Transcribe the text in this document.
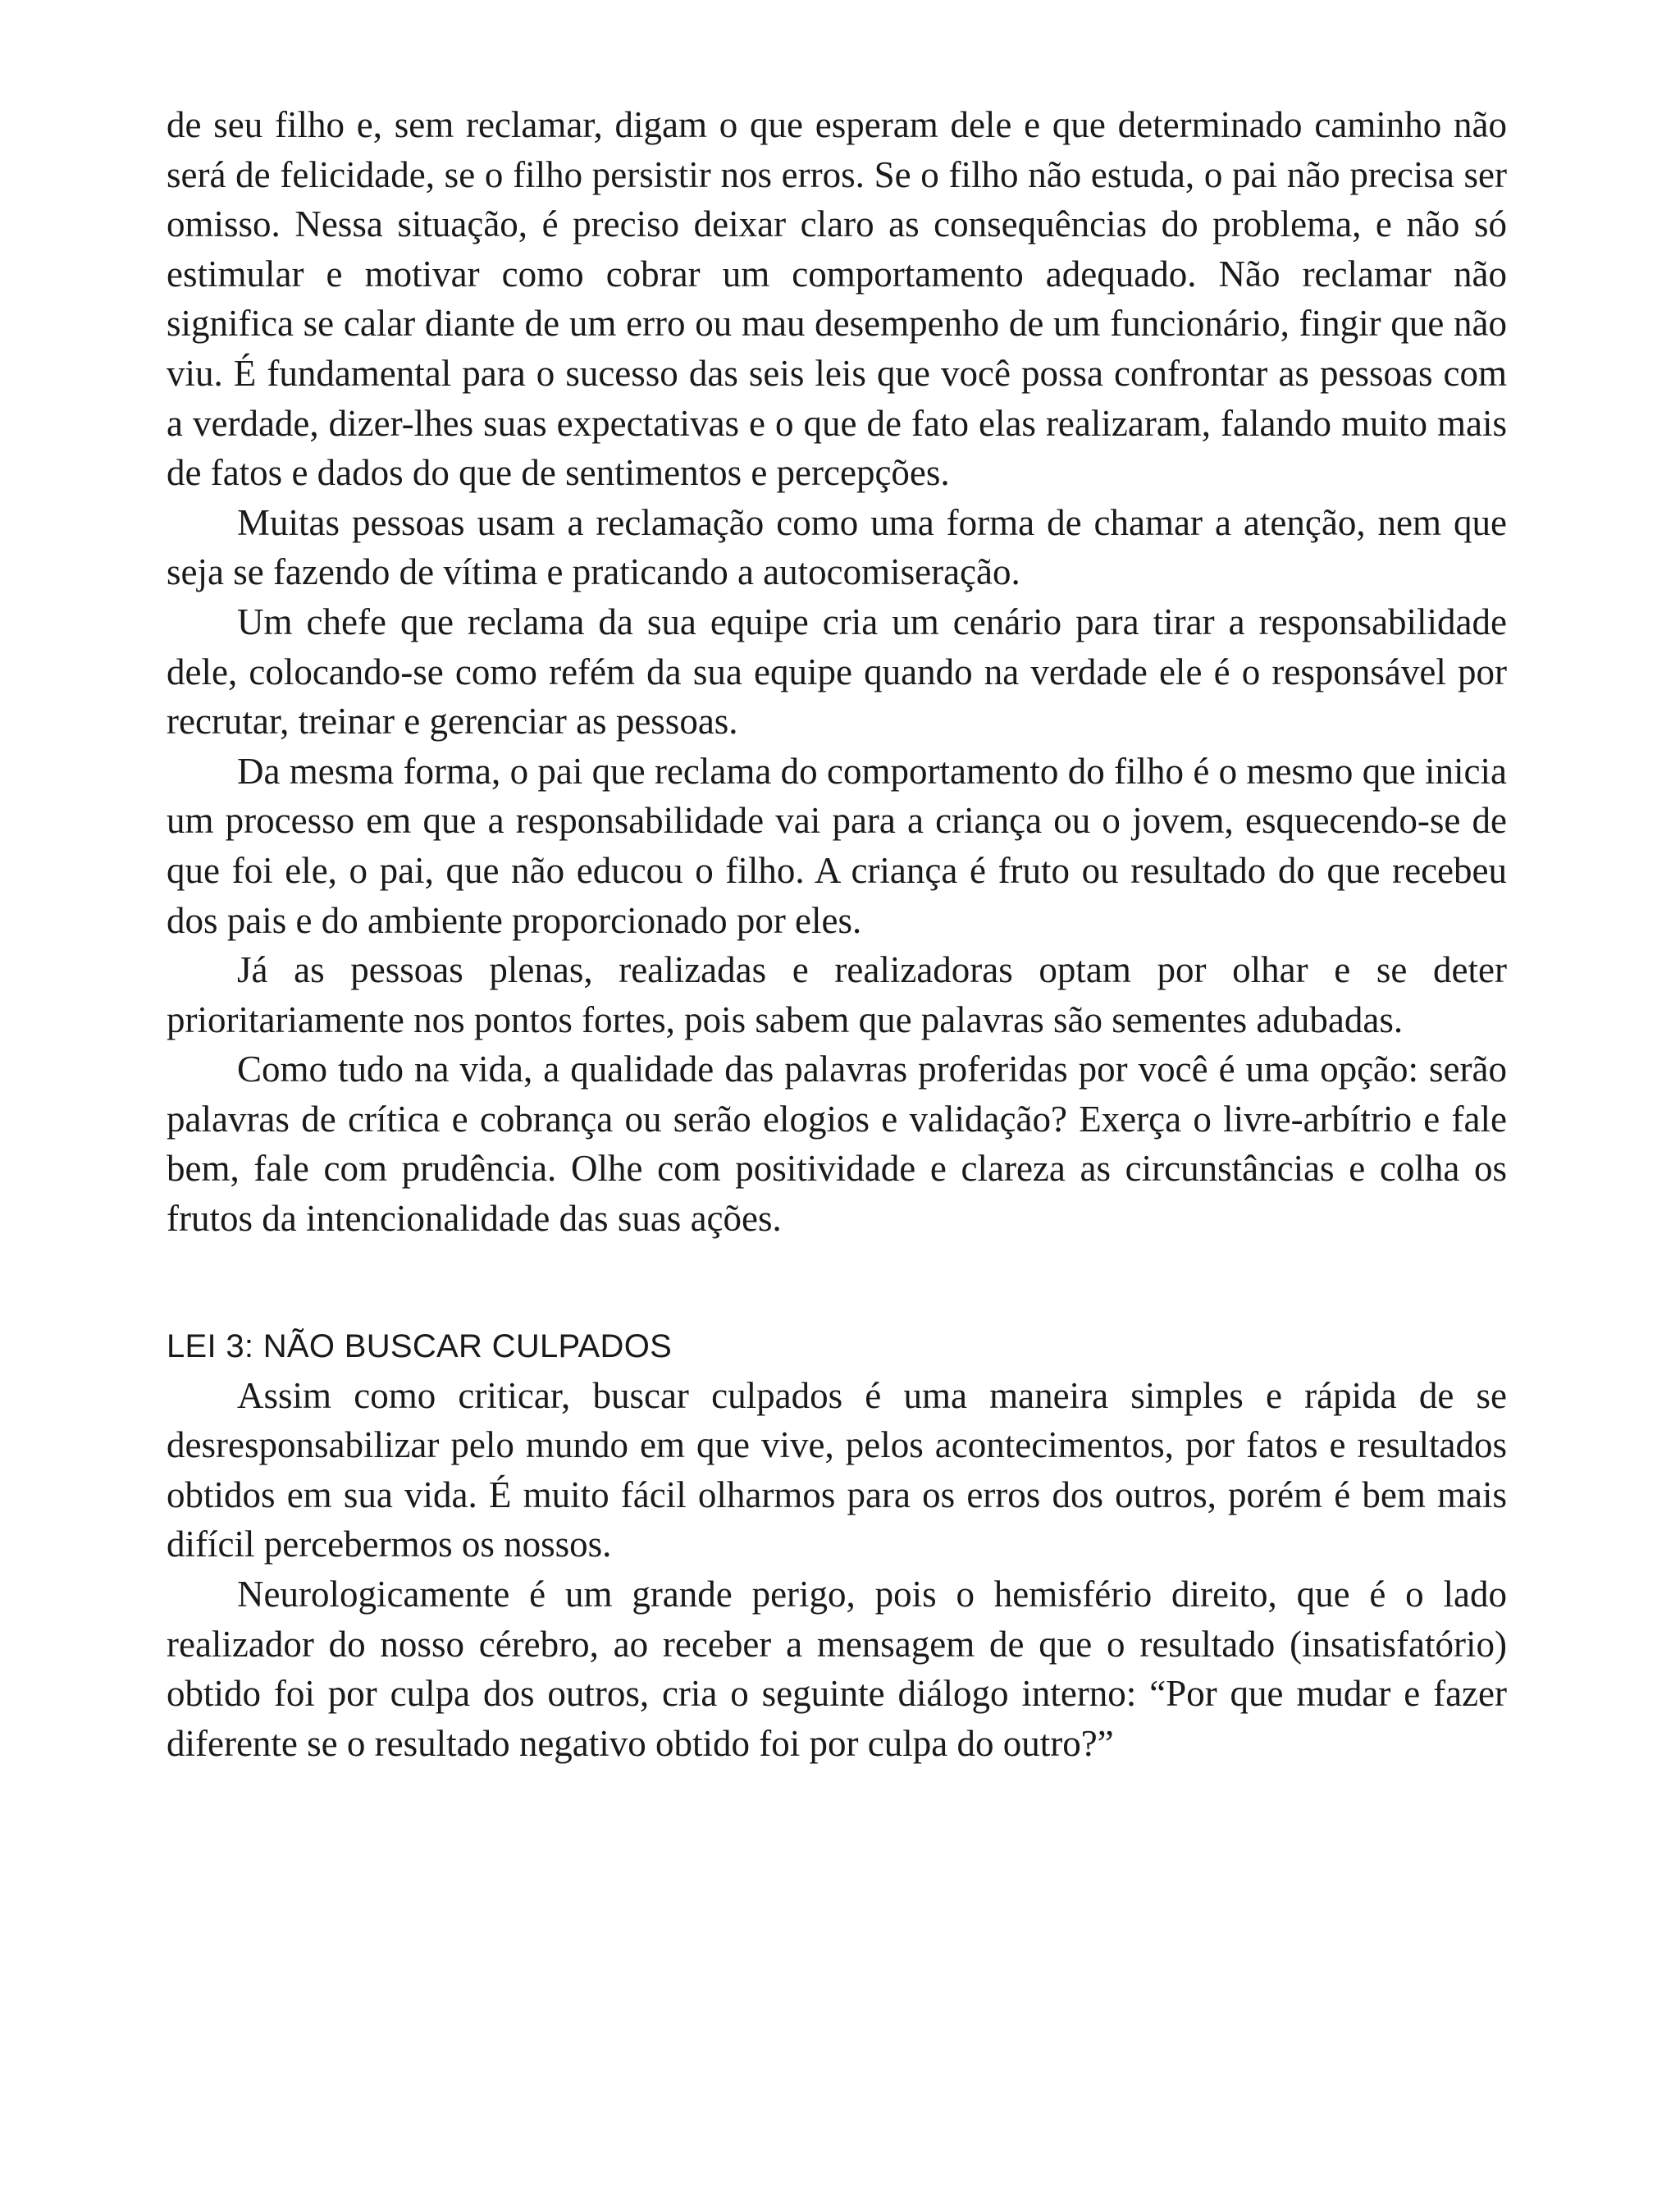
de seu filho e, sem reclamar, digam o que esperam dele e que determinado caminho não será de felicidade, se o filho persistir nos erros. Se o filho não estuda, o pai não precisa ser omisso. Nessa situação, é preciso deixar claro as consequências do problema, e não só estimular e motivar como cobrar um comportamento adequado. Não reclamar não significa se calar diante de um erro ou mau desempenho de um funcionário, fingir que não viu. É fundamental para o sucesso das seis leis que você possa confrontar as pessoas com a verdade, dizer-lhes suas expectativas e o que de fato elas realizaram, falando muito mais de fatos e dados do que de sentimentos e percepções.

Muitas pessoas usam a reclamação como uma forma de chamar a atenção, nem que seja se fazendo de vítima e praticando a autocomiseração.

Um chefe que reclama da sua equipe cria um cenário para tirar a responsabilidade dele, colocando-se como refém da sua equipe quando na verdade ele é o responsável por recrutar, treinar e gerenciar as pessoas.

Da mesma forma, o pai que reclama do comportamento do filho é o mesmo que inicia um processo em que a responsabilidade vai para a criança ou o jovem, esquecendo-se de que foi ele, o pai, que não educou o filho. A criança é fruto ou resultado do que recebeu dos pais e do ambiente proporcionado por eles.

Já as pessoas plenas, realizadas e realizadoras optam por olhar e se deter prioritariamente nos pontos fortes, pois sabem que palavras são sementes adubadas.

Como tudo na vida, a qualidade das palavras proferidas por você é uma opção: serão palavras de crítica e cobrança ou serão elogios e validação? Exerça o livre-arbítrio e fale bem, fale com prudência. Olhe com positividade e clareza as circunstâncias e colha os frutos da intencionalidade das suas ações.

LEI 3: NÃO BUSCAR CULPADOS

Assim como criticar, buscar culpados é uma maneira simples e rápida de se desresponsabilizar pelo mundo em que vive, pelos acontecimentos, por fatos e resultados obtidos em sua vida. É muito fácil olharmos para os erros dos outros, porém é bem mais difícil percebermos os nossos.

Neurologicamente é um grande perigo, pois o hemisfério direito, que é o lado realizador do nosso cérebro, ao receber a mensagem de que o resultado (insatisfatório) obtido foi por culpa dos outros, cria o seguinte diálogo interno: “Por que mudar e fazer diferente se o resultado negativo obtido foi por culpa do outro?”
